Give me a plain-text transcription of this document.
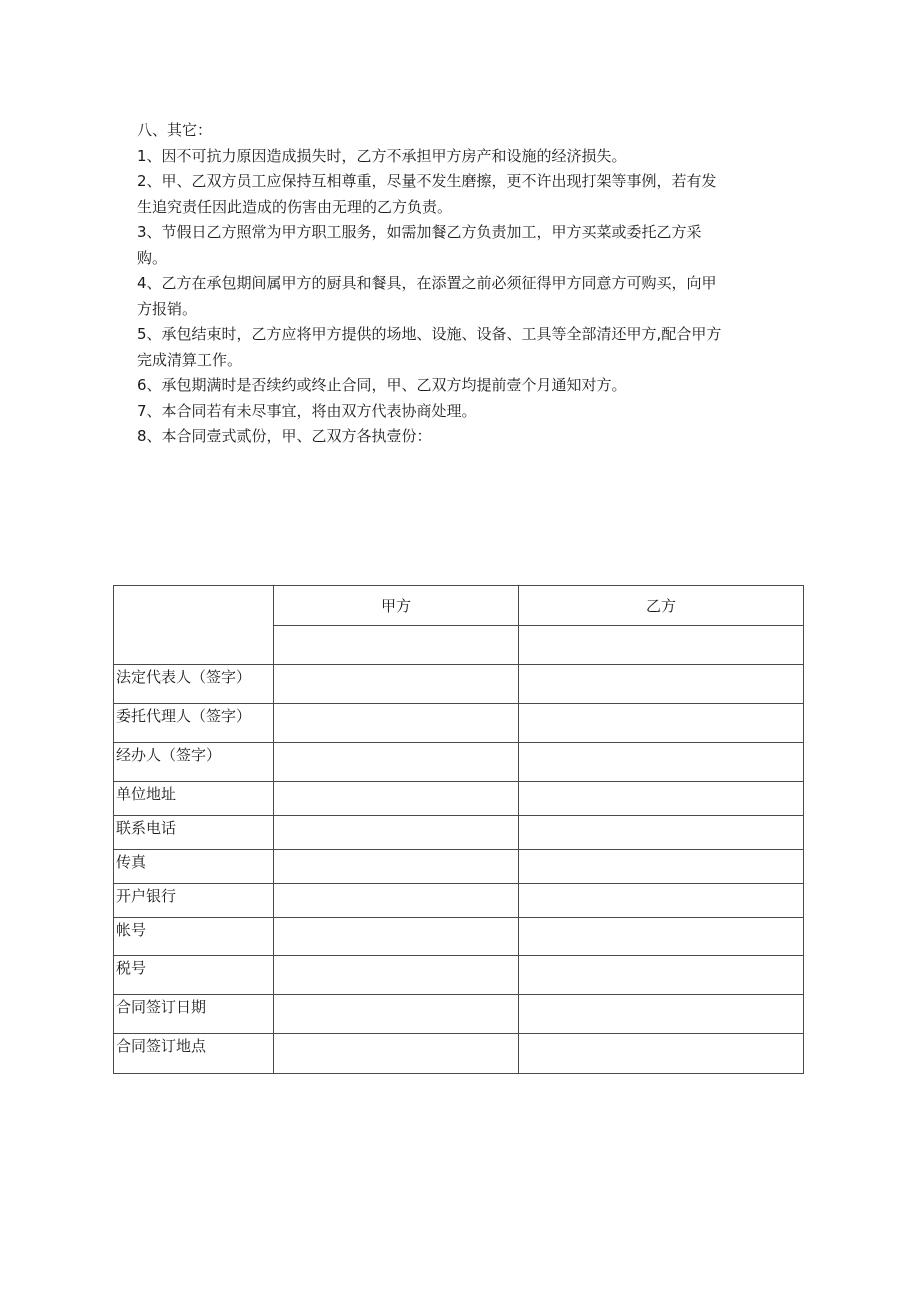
八、其它：

1、因不可抗力原因造成损失时，乙方不承担甲方房产和设施的经济损失。

2、甲、乙双方员工应保持互相尊重，尽量不发生磨擦，更不许出现打架等事例，若有发

生追究责任因此造成的伤害由无理的乙方负责。

3、节假日乙方照常为甲方职工服务，如需加餐乙方负责加工，甲方买菜或委托乙方采

购。

4、乙方在承包期间属甲方的厨具和餐具，在添置之前必须征得甲方同意方可购买，向甲

方报销。

5、承包结束时，乙方应将甲方提供的场地、设施、设备、工具等全部清还甲方,配合甲方

完成清算工作。

6、承包期满时是否续约或终止合同，甲、乙双方均提前壹个月通知对方。

7、本合同若有未尽事宜，将由双方代表协商处理。

8、本合同壹式贰份，甲、乙双方各执壹份：

	甲方	乙方

法定代表人（签字）		
委托代理人（签字）		
经办人（签字）		
单位地址		
联系电话		
传真		
开户银行		
帐号		
税号		
合同签订日期		
合同签订地点		
